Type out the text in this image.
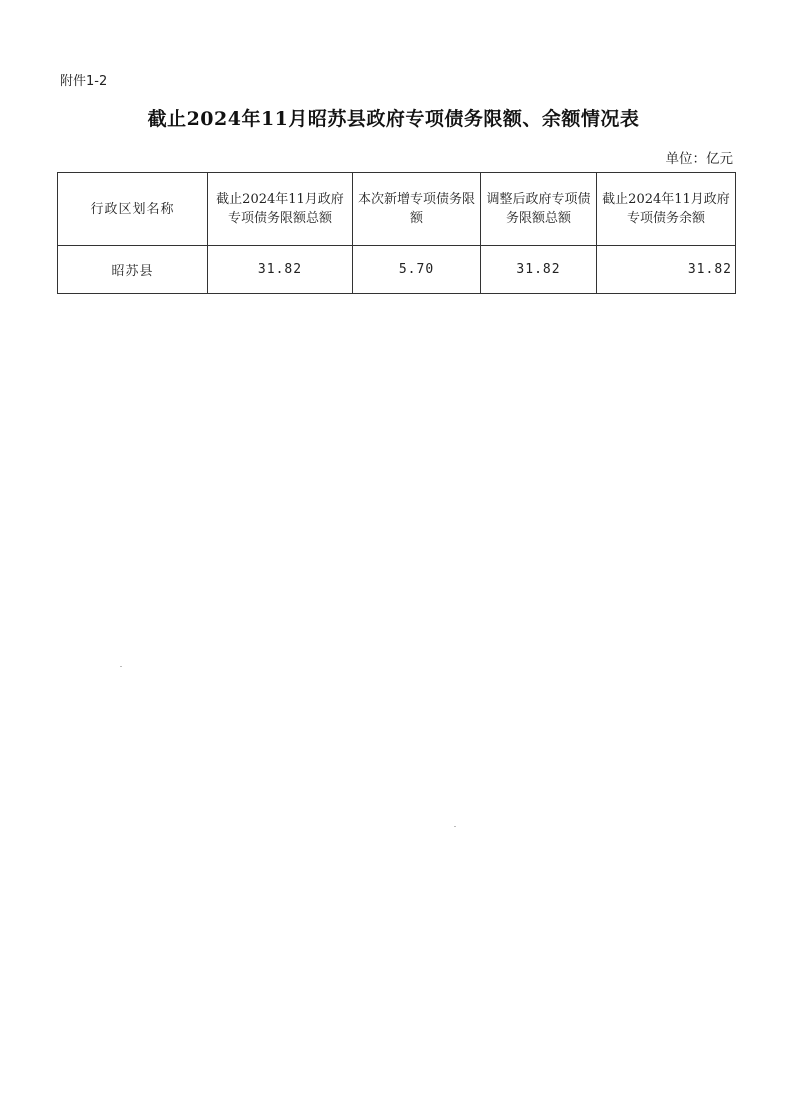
附件1-2
截止2024年11月昭苏县政府专项债务限额、余额情况表
单位：亿元
行政区划名称	截止2024年11月政府专项债务限额总额	本次新增专项债务限额	调整后政府专项债务限额总额	截止2024年11月政府专项债务余额
昭苏县	31.82	5.70	31.82	31.82
